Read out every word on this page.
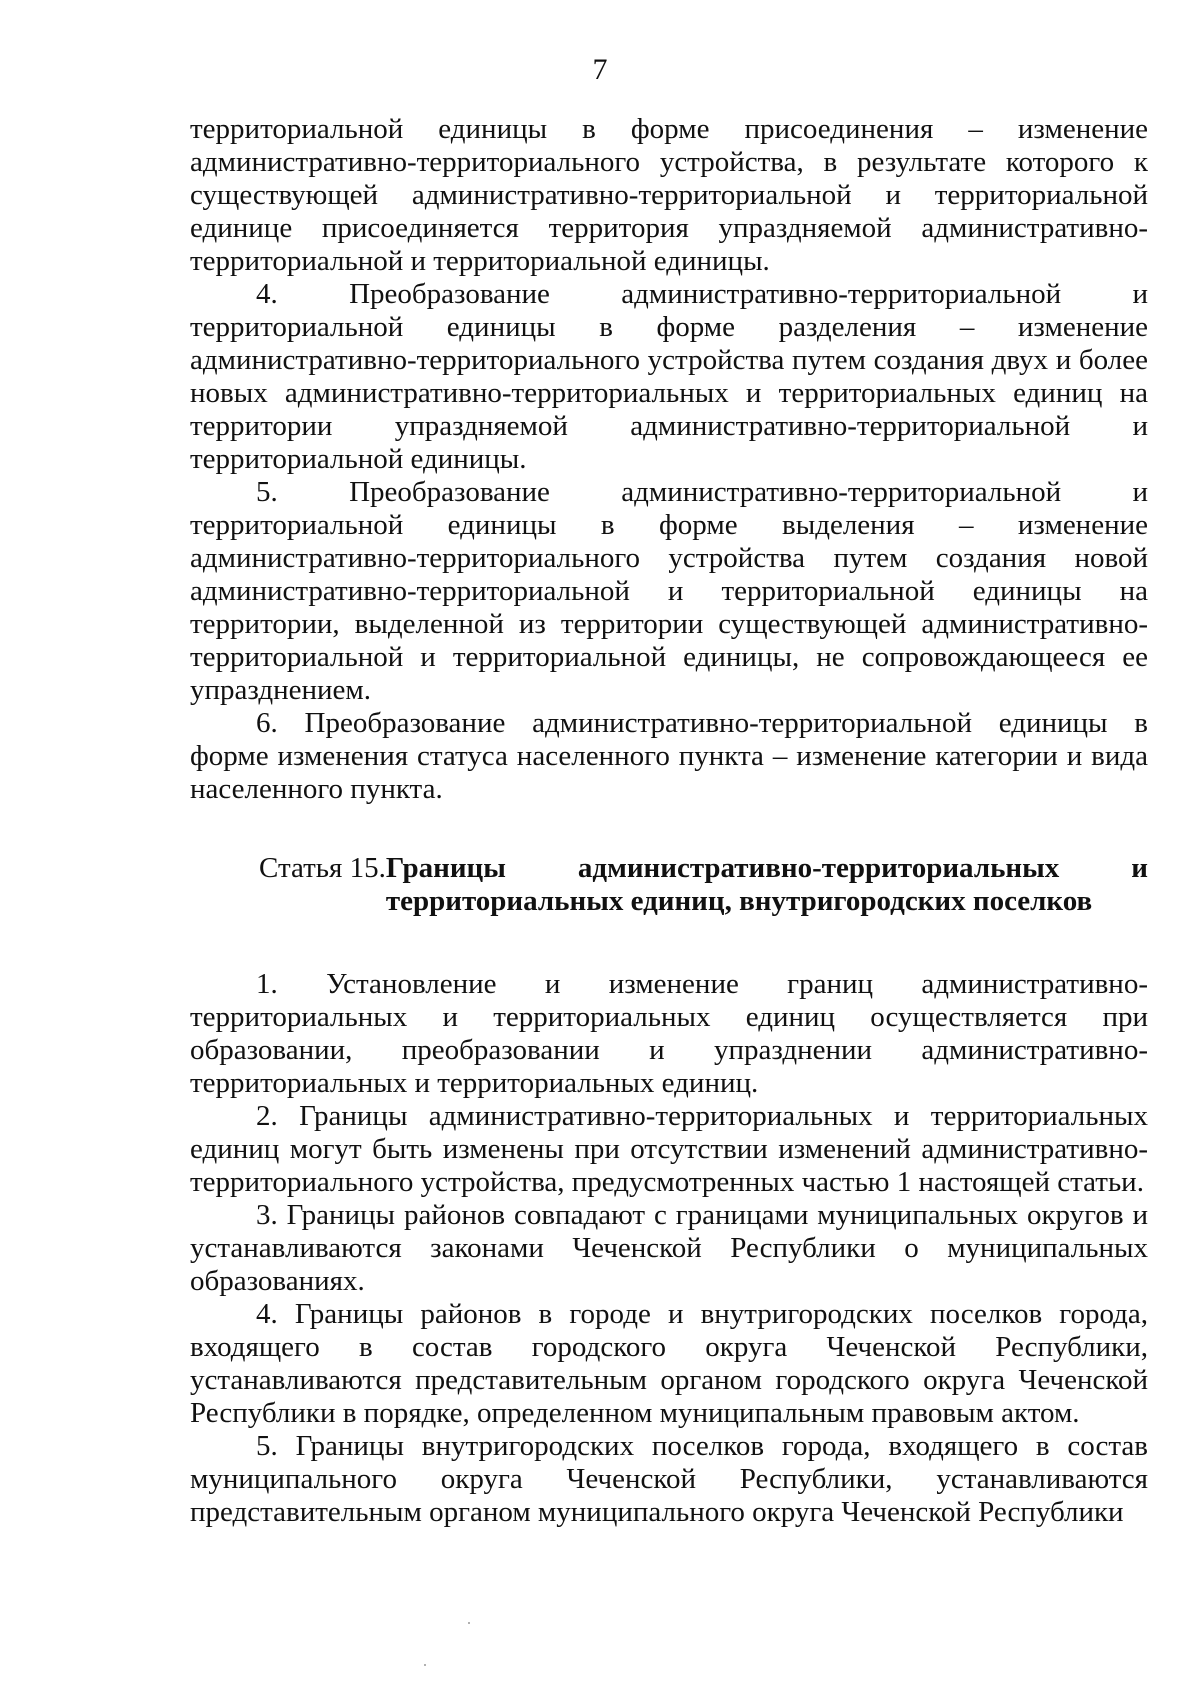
7

территориальной единицы в форме присоединения – изменение административно-территориального устройства, в результате которого к существующей административно-территориальной и территориальной единице присоединяется территория упраздняемой административно-территориальной и территориальной единицы.

4. Преобразование административно-территориальной и территориальной единицы в форме разделения – изменение административно-территориального устройства путем создания двух и более новых административно-территориальных и территориальных единиц на территории упраздняемой административно-территориальной и территориальной единицы.

5. Преобразование административно-территориальной и территориальной единицы в форме выделения – изменение административно-территориального устройства путем создания новой административно-территориальной и территориальной единицы на территории, выделенной из территории существующей административно-территориальной и территориальной единицы, не сопровождающееся ее упразднением.

6. Преобразование административно-территориальной единицы в форме изменения статуса населенного пункта – изменение категории и вида населенного пункта.

Статья 15. Границы административно-территориальных и
территориальных единиц, внутригородских поселков

1. Установление и изменение границ административно-территориальных и территориальных единиц осуществляется при образовании, преобразовании и упразднении административно-территориальных и территориальных единиц.

2. Границы административно-территориальных и территориальных единиц могут быть изменены при отсутствии изменений административно-территориального устройства, предусмотренных частью 1 настоящей статьи.

3. Границы районов совпадают с границами муниципальных округов и устанавливаются законами Чеченской Республики о муниципальных образованиях.

4. Границы районов в городе и внутригородских поселков города, входящего в состав городского округа Чеченской Республики, устанавливаются представительным органом городского округа Чеченской Республики в порядке, определенном муниципальным правовым актом.

5. Границы внутригородских поселков города, входящего в состав муниципального округа Чеченской Республики, устанавливаются представительным органом муниципального округа Чеченской Республики
